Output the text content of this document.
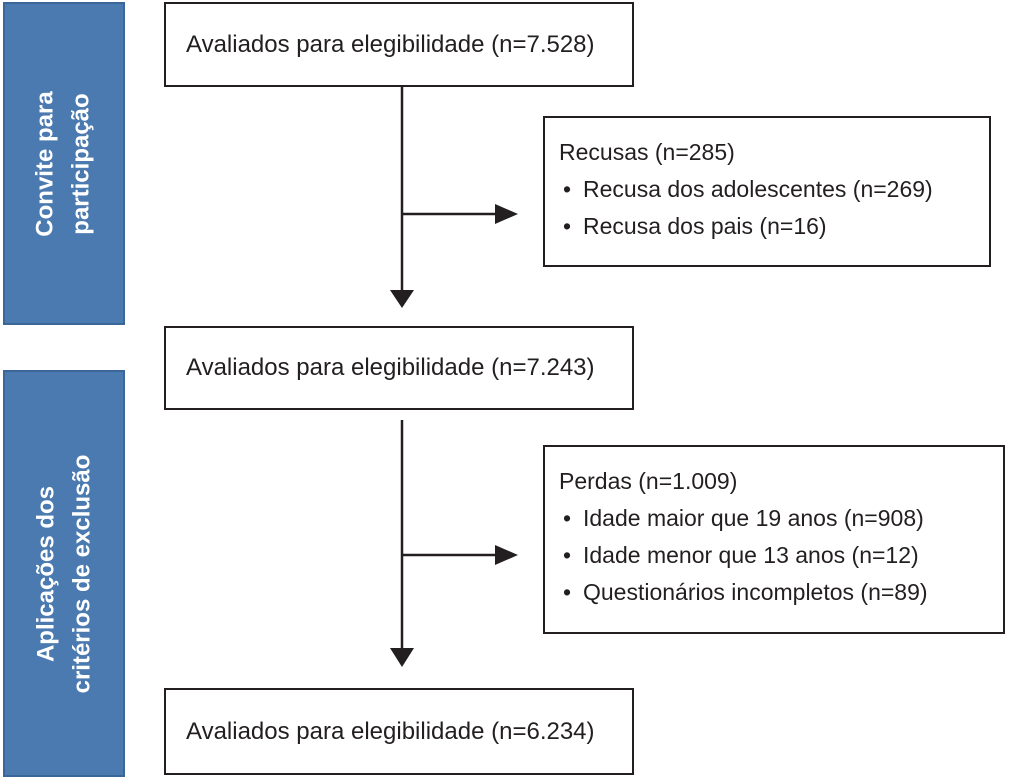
Convite para participação
Aplicações dos critérios de exclusão
Avaliados para elegibilidade (n=7.528)
Avaliados para elegibilidade (n=7.243)
Avaliados para elegibilidade (n=6.234)
Recusas (n=285)
• Recusa dos adolescentes (n=269)
• Recusa dos pais (n=16)
Perdas (n=1.009)
• Idade maior que 19 anos (n=908)
• Idade menor que 13 anos (n=12)
• Questionários incompletos (n=89)
